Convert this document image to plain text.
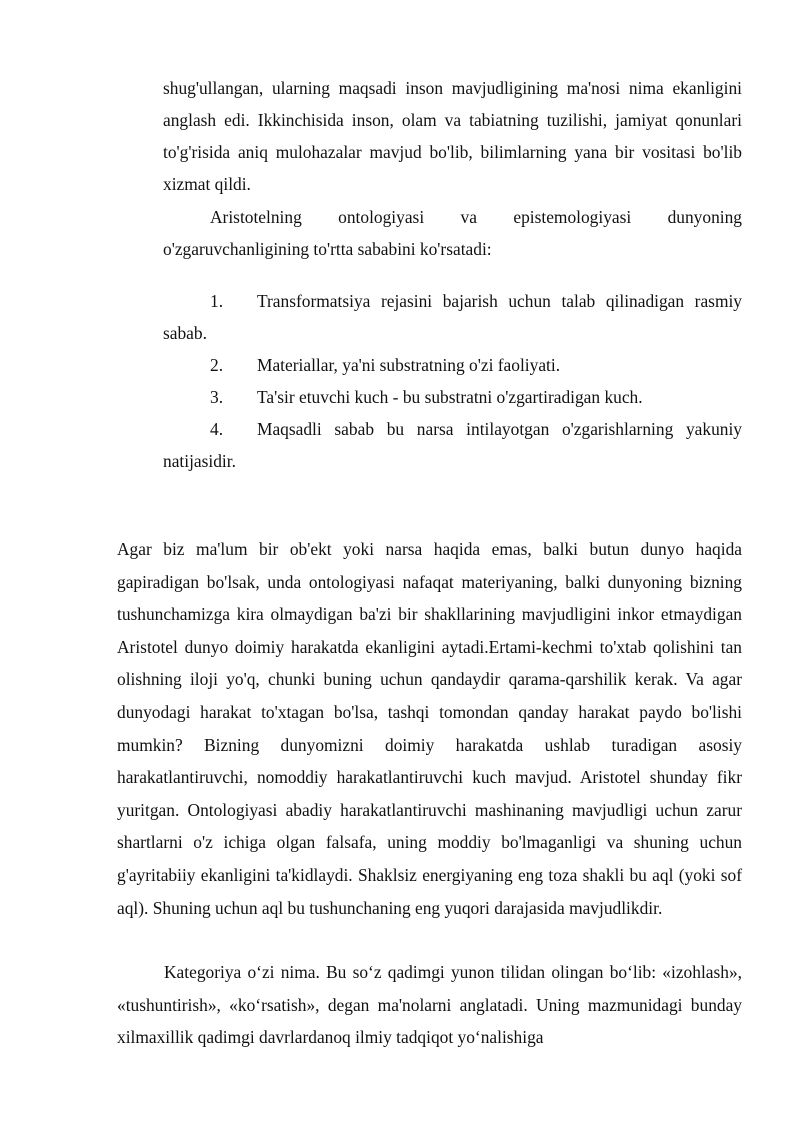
shug'ullangan, ularning maqsadi inson mavjudligining ma'nosi nima ekanligini anglash edi. Ikkinchisida inson, olam va tabiatning tuzilishi, jamiyat qonunlari to'g'risida aniq mulohazalar mavjud bo'lib, bilimlarning yana bir vositasi bo'lib xizmat qildi.

Aristotelning ontologiyasi va epistemologiyasi dunyoning o'zgaruvchanligining to'rtta sababini ko'rsatadi:

1. Transformatsiya rejasini bajarish uchun talab qilinadigan rasmiy sabab.
2. Materiallar, ya'ni substratning o'zi faoliyati.
3. Ta'sir etuvchi kuch - bu substratni o'zgartiradigan kuch.
4. Maqsadli sabab bu narsa intilayotgan o'zgarishlarning yakuniy natijasidir.

Agar biz ma'lum bir ob'ekt yoki narsa haqida emas, balki butun dunyo haqida gapiradigan bo'lsak, unda ontologiyasi nafaqat materiyaning, balki dunyoning bizning tushunchamizga kira olmaydigan ba'zi bir shakllarining mavjudligini inkor etmaydigan Aristotel dunyo doimiy harakatda ekanligini aytadi.Ertami-kechmi to'xtab qolishini tan olishning iloji yo'q, chunki buning uchun qandaydir qarama-qarshilik kerak. Va agar dunyodagi harakat to'xtagan bo'lsa, tashqi tomondan qanday harakat paydo bo'lishi mumkin? Bizning dunyomizni doimiy harakatda ushlab turadigan asosiy harakatlantiruvchi, nomoddiy harakatlantiruvchi kuch mavjud. Aristotel shunday fikr yuritgan. Ontologiyasi abadiy harakatlantiruvchi mashinaning mavjudligi uchun zarur shartlarni o'z ichiga olgan falsafa, uning moddiy bo'lmaganligi va shuning uchun g'ayritabiiy ekanligini ta'kidlaydi. Shaklsiz energiyaning eng toza shakli bu aql (yoki sof aql). Shuning uchun aql bu tushunchaning eng yuqori darajasida mavjudlikdir.

Kategoriya o‘zi nima. Bu so‘z qadimgi yunon tilidan olingan bo‘lib: «izohlash», «tushuntirish», «ko‘rsatish», degan ma'nolarni anglatadi. Uning mazmunidagi bunday xilmaxillik qadimgi davrlardanoq ilmiy tadqiqot yo‘nalishiga
